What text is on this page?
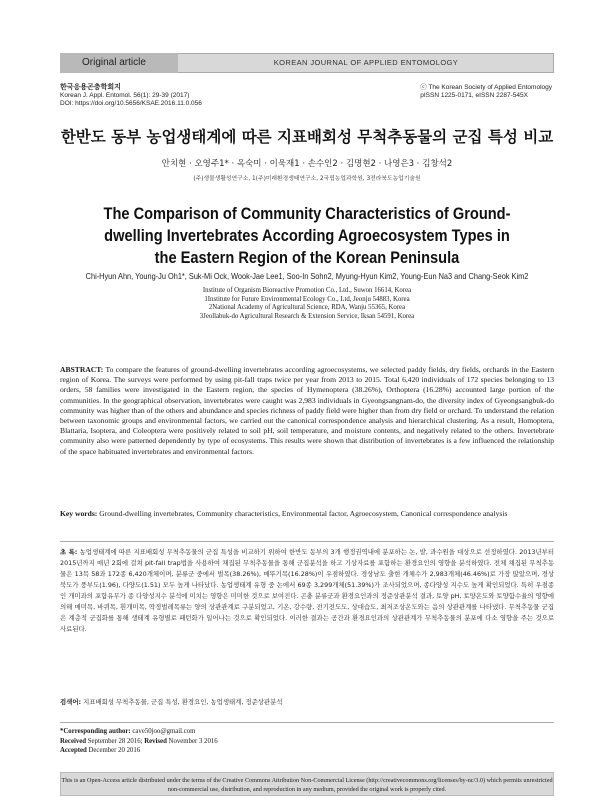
Original article	KOREAN JOURNAL OF APPLIED ENTOMOLOGY
한국응용곤충학회지
Korean J. Appl. Entomol. 56(1): 29-39 (2017)
DOI: https://doi.org/10.5656/KSAE.2016.11.0.056
ⓒ The Korean Society of Applied Entomology
pISSN 1225-0171, eISSN 2287-545X
한반도 동부 농업생태계에 따른 지표배회성 무척추동물의 군집 특성 비교
안치현 · 오영주1* · 옥숙미 · 이욱재1 · 손수인2 · 김명현2 · 나영은3 · 김창석2
(주)생물생활성연구소, 1(주)미래환경생태연구소, 2국립농업과학원, 3전라북도농업기술원
The Comparison of Community Characteristics of Ground-dwelling Invertebrates According Agroecosystem Types in the Eastern Region of the Korean Peninsula
Chi-Hyun Ahn, Young-Ju Oh1*, Suk-Mi Ock, Wook-Jae Lee1, Soo-In Sohn2, Myung-Hyun Kim2, Young-Eun Na3 and Chang-Seok Kim2
Institute of Organism Bioreactive Promotion Co., Ltd., Suwon 16614, Korea
1Institute for Future Environmental Ecology Co., Ltd, Jeonju 54883, Korea
2National Academy of Agricultural Science, RDA, Wanju 55365, Korea
3Jeollabuk-do Agricultural Research & Extension Service, Iksan 54591, Korea
ABSTRACT: To compare the features of ground-dwelling invertebrates according agroecosystems, we selected paddy fields, dry fields, orchards in the Eastern region of Korea. The surveys were performed by using pit-fall traps twice per year from 2013 to 2015. Total 6,420 individuals of 172 species belonging to 13 orders, 58 families were investigated in the Eastern region, the species of Hymenoptera (38.26%), Orthoptera (16.28%) accounted large portion of the communities. In the geographical observation, invertebrates were caught was 2,983 individuals in Gyeongsangnam-do, the diversity index of Gyeongsangbuk-do community was higher than of the others and abundance and species richness of paddy field were higher than from dry field or orchard. To understand the relation between taxonomic groups and environmental factors, we carried out the canonical correspondence analysis and hierarchical clustering. As a result, Homoptera, Blattaria, Isoptera, and Coleoptera were positively related to soil pH, soil temperature, and moisture contents, and negatively related to the others. Invertebrate community also were patterned dependently by type of ecosystems. This results were shown that distribution of invertebrates is a few influenced the relationship of the space habituated invertebrates and environmental factors.
Key words: Ground-dwelling invertebrates, Community characteristics, Environmental factor, Agroecosystem, Canonical correspondence analysis
초 록: 농업생태계에 따른 지표배회성 무척추동물의 군집 특성을 비교하기 위하여 한반도 동부의 3개 행정권역내에 분포하는 논, 밭, 과수원을 대상으로 선정하였다. 2013년부터 2015년까지 매년 2회에 걸쳐 pit-fall trap법을 사용하여 채집된 무척추동물을 통해 군집분석을 하고 기상자료를 포함하는 환경요인의 영향을 분석하였다. 전체 채집된 무척추동물은 13목 58과 172종 6,420개체이며, 분류군 중에서 벌목(38.26%), 메뚜기목(16.28%)이 우점하였다. 경상남도 출현 개체수가 2,983개체(46.46%)로 가장 많았으며, 경상북도가 풍부도(1.96), 다양도(1.51) 모두 높게 나타났다. 농업생태계 유형 중 논에서 69종 3,299개체(51.39%)가 조사되었으며, 종다양성 지수도 높게 확인되었다. 특히 우점종인 개미과의 포함유무가 종 다양성지수 분석에 미치는 영향은 미미한 것으로 보여진다. 곤충 분류군과 환경요인과의 정준상관분석 결과, 토양 pH, 토양온도와 토양함수율의 영향에 의해 매미목, 바퀴목, 흰개미목, 딱정벌레목류는 양의 상관관계로 구분되었고, 기온, 강수량, 전기전도도, 상대습도, 최저조상온도와는 음의 상관관계를 나타냈다. 무척추동물 군집은 계층적 군집화를 통해 생태계 유형별로 패턴화가 일어나는 것으로 확인되었다. 이러한 결과는 공간과 환경요인과의 상관관계가 무척추동물의 분포에 다소 영향을 주는 것으로 사료된다.
검색어: 지표배회성 무척추동물, 군집 특성, 환경요인, 농업생태계, 정준상관분석
*Corresponding author: cave50joo@gmail.com
Received September 28 2016; Revised November 3 2016
Accepted December 20 2016
This is an Open-Access article distributed under the terms of the Creative Commons Attribution Non-Commercial License (http://creativecommons.org/licenses/by-nc/3.0) which permits unrestricted non-commercial use, distribution, and reproduction in any medium, provided the original work is properly cited.
